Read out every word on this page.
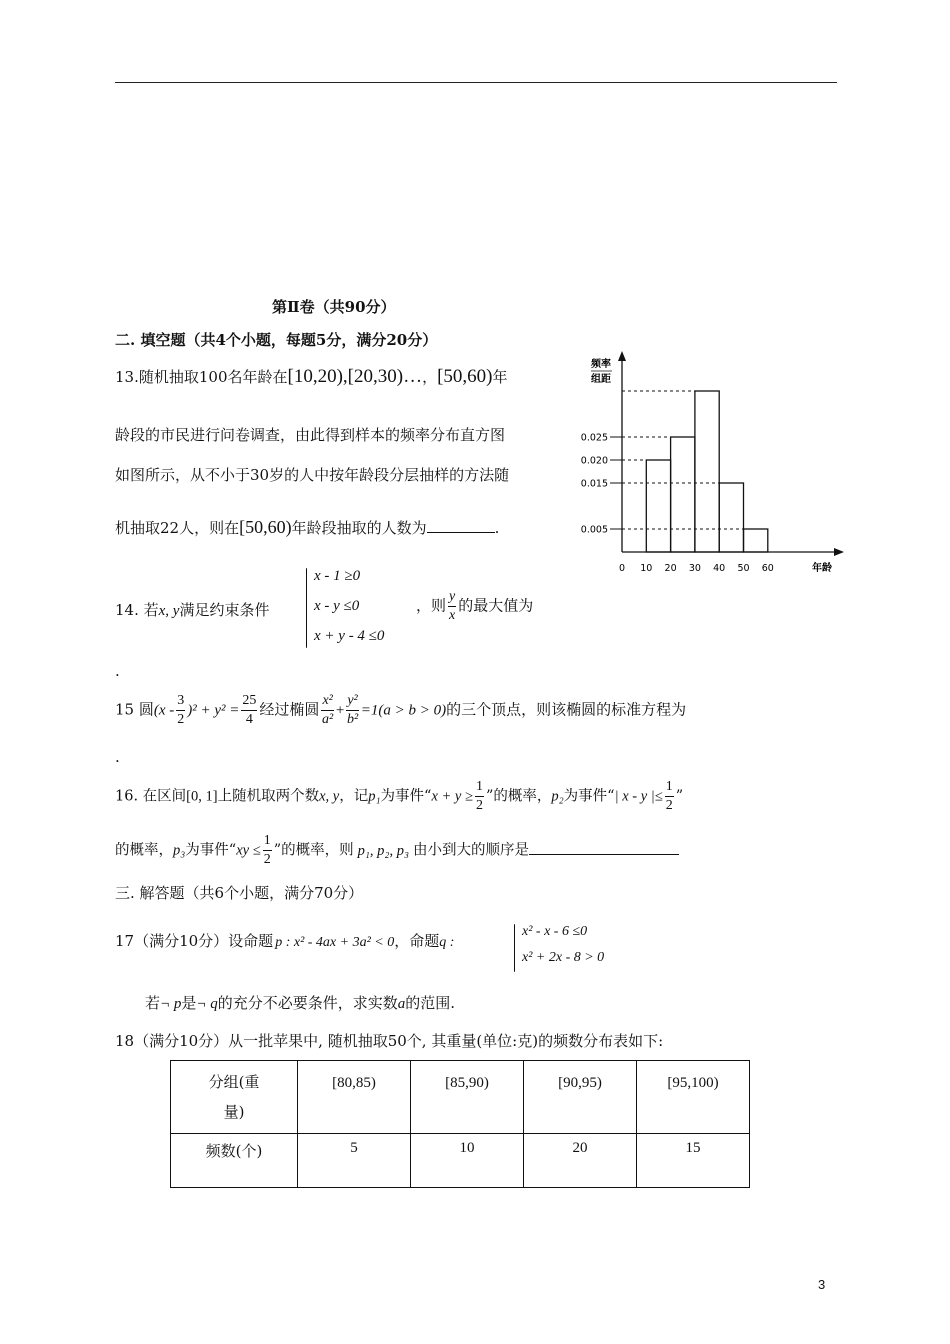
第Ⅱ卷（共90分）
二. 填空题（共4个小题，每题5分，满分20分）
13.随机抽取100名年龄在[10,20),[20,30)…，[50,60)年
龄段的市民进行问卷调查，由此得到样本的频率分布直方图
如图所示，从不小于30岁的人中按年龄段分层抽样的方法随
机抽取22人，则在[50,60)年龄段抽取的人数为	.
频率
组距
0.005
0.015
0.020
0.025
0 10 20 30 40 50 60	年龄
14. 若x, y满足约束条件
x - 1 ≥0
x - y ≤0
x + y - 4 ≤0
，则 $\frac{y}{x}$ 的最大值为
.
15 圆$(x - \frac{3}{2} )^2 + y^2 = \frac{25}{4}$ 经过椭圆 $\frac{\text{x²}}{\text{a²}} + \frac{\text{y²}}{\text{b²}} =1(a > b > 0)$的三个顶点，则该椭圆的标准方程为
.
16. 在区间[0, 1]上随机取两个数x, y，记p₁为事件“$x + y \ge \frac{1}{2}$ ”的概率，p₂为事件“| x - y |≤ $\frac{1}{2}$ ”
的概率，p₃为事件“xy ≤ $\frac{1}{2}$ ”的概率，则 p₁, p₂, p₃ 由小到大的顺序是
三. 解答题（共6个小题，满分70分）
17（满分10分）设命题 p : x² - 4ax + 3a² < 0，命题q :
x² - x - 6 ≤0
x² + 2x - 8 > 0
若¬ p是¬ q的充分不必要条件，求实数a的范围.
18（满分10分）从一批苹果中, 随机抽取50个, 其重量(单位:克)的频数分布表如下:
分组(重
量)	[80,85)	[85,90)	[90,95)	[95,100)
频数(个)	5	10	20	15
3
